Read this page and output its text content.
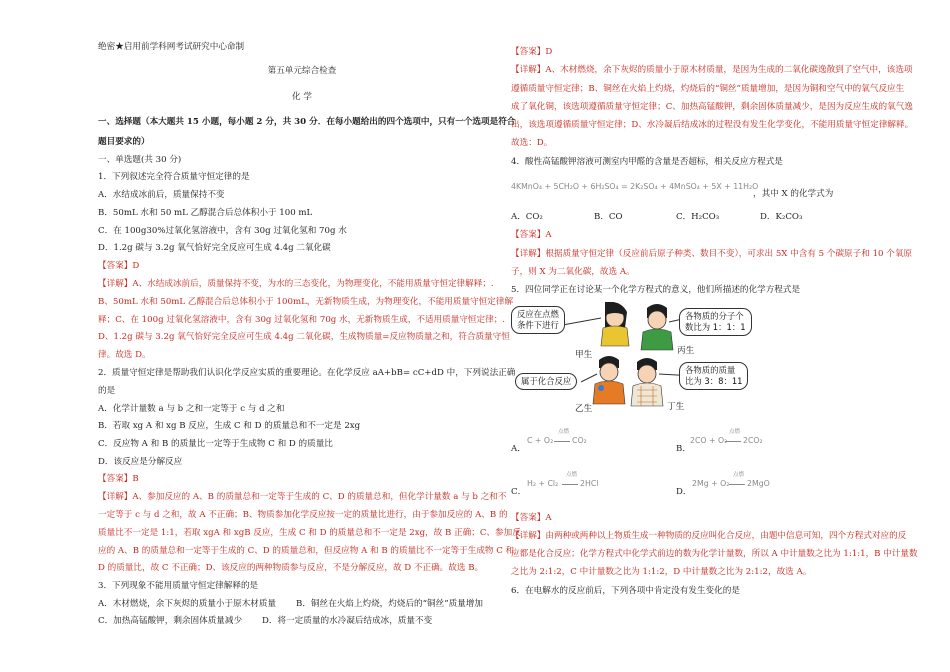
绝密★启用前学科网考试研究中心命制
第五单元综合检查
化 学
一、选择题（本大题共 15 小题，每小题 2 分，共 30 分．在每小题给出的四个选项中，只有一个选项是符合
题目要求的）
一、单选题(共 30 分)
1．下列叙述完全符合质量守恒定律的是
A．水结成冰前后，质量保持不变
B．50mL 水和 50 mL 乙醇混合后总体积小于 100 mL
C．在 100g30%过氧化氢溶液中，含有 30g 过氧化氢和 70g 水
D．1.2g 碳与 3.2g 氧气恰好完全反应可生成 4.4g 二氧化碳
【答案】D
【详解】A、水结成冰前后，质量保持不变，为水的三态变化，为物理变化，不能用质量守恒定律解释；.
B、50mL 水和 50mL 乙醇混合后总体积小于 100mL，无新物质生成，为物理变化，不能用质量守恒定律解
释；C、在 100g 过氧化氢溶液中，含有 30g 过氧化氢和 70g 水，无新物质生成，不适用质量守恒定律；.
D、1.2g 碳与 3.2g 氧气恰好完全反应可生成 4.4g 二氧化碳，生成物质量=反应物质量之和，符合质量守恒
律。故选 D。
2．质量守恒定律是帮助我们认识化学反应实质的重要理论。在化学反应 aA+bB= cC+dD 中，下列说法正确
的是
A．化学计量数 a 与 b 之和一定等于 c 与 d 之和
B．若取 xg A 和 xg B 反应，生成 C 和 D 的质量总和不一定是 2xg
C．反应物 A 和 B 的质量比一定等于生成物 C 和 D 的质量比
D．该反应是分解反应
【答案】B
【详解】A、参加反应的 A、B 的质量总和一定等于生成的 C、D 的质量总和，但化学计量数 a 与 b 之和不
一定等于 c 与 d 之和，故 A 不正确；B、物质参加化学反应按一定的质量比进行，由于参加反应的 A、B 的
质量比不一定是 1:1，若取 xgA 和 xgB 反应，生成 C 和 D 的质量总和不一定是 2xg，故 B 正确；C、参加反
应的 A、B 的质量总和一定等于生成的 C、D 的质量总和，但反应物 A 和 B 的质量比不一定等于生成物 C 和
D 的质量比，故 C 不正确；D、该反应的两种物质参与反应，不是分解反应，故 D 不正确。故选 B。
3．下列现象不能用质量守恒定律解释的是
A．木材燃烧，余下灰烬的质量小于原木材质量 B．铜丝在火焰上灼烧，灼烧后的“铜丝”质量增加
C．加热高锰酸钾，剩余固体质量减少 D．将一定质量的水冷凝后结成冰，质量不变
【答案】D
【详解】A、木材燃烧，余下灰烬的质量小于原木材质量，是因为生成的二氧化碳逸散到了空气中，该选项
遵循质量守恒定律；B、铜丝在火焰上灼烧，灼烧后的“铜丝”质量增加，是因为铜和空气中的氧气反应生
成了氧化铜，该选项遵循质量守恒定律；C、加热高锰酸钾，剩余固体质量减少，是因为反应生成的氧气逸
出，该选项遵循质量守恒定律；D、水冷凝后结成冰的过程没有发生化学变化，不能用质量守恒定律解释。
故选：D。
4．酸性高锰酸钾溶液可测室内甲醛的含量是否超标，相关反应方程式是
4KMnO₄ + 5CH₂O + 6H₂SO₄ = 2K₂SO₄ + 4MnSO₄ + 5X + 11H₂O
，其中 X 的化学式为
A．CO₂	B．CO	C．H₂CO₃	D．K₂CO₃
【答案】A
【详解】根据质量守恒定律（反应前后原子种类、数目不变），可求出 5X 中含有 5 个碳原子和 10 个氧原
子，则 X 为二氧化碳，故选 A。
5．四位同学正在讨论某一个化学方程式的意义，他们所描述的化学方程式是
反应在点燃
条件下进行
各物质的分子个
数比为 1：1：1
属于化合反应
各物质的质量
比为 3：8：11
甲生	丙生
乙生	丁生
A．
C + O₂
点燃
CO₂
B．
2CO + O₂
点燃
2CO₂
C．
H₂ + Cl₂
点燃
2HCl
D．
2Mg + O₂
点燃
2MgO
【答案】A
【详解】由两种或两种以上物质生成一种物质的反应叫化合反应，由题中信息可知，四个方程式对应的反
应都是化合反应；化学方程式中化学式前边的数为化学计量数，所以 A 中计量数之比为 1:1:1，B 中计量数
之比为 2:1:2，C 中计量数之比为 1:1:2，D 中计量数之比为 2:1:2，故选 A。
6．在电解水的反应前后，下列各项中肯定没有发生变化的是
